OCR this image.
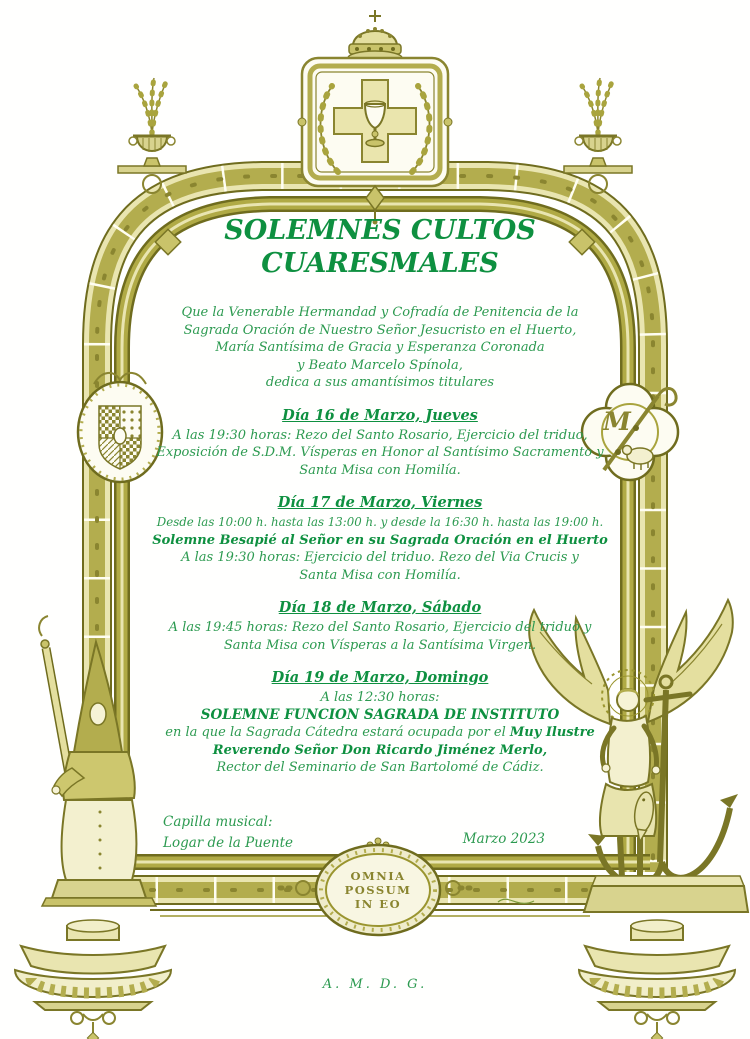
M
OMNIA
POSSUM
IN EO
SOLEMNES CULTOS
CUARESMALES
Que la Venerable Hermandad y Cofradía de Penitencia de la
Sagrada Oración de Nuestro Señor Jesucristo en el Huerto,
María Santísima de Gracia y Esperanza Coronada
y Beato Marcelo Spínola,
dedica a sus amantísimos titulares
Día 16 de Marzo, Jueves
A las 19:30 horas: Rezo del Santo Rosario, Ejercicio del triduo,
Exposición de S.D.M. Vísperas en Honor al Santísimo Sacramento y
Santa Misa con Homilía.
Día 17 de Marzo, Viernes
Desde las 10:00 h. hasta las 13:00 h. y desde la 16:30 h. hasta las 19:00 h.
Solemne Besapié al Señor en su Sagrada Oración en el Huerto
A las 19:30 horas: Ejercicio del triduo. Rezo del Via Crucis y
Santa Misa con Homilía.
Día 18 de Marzo, Sábado
A las 19:45 horas: Rezo del Santo Rosario, Ejercicio del triduo y
Santa Misa con Vísperas a la Santísima Virgen.
Día 19 de Marzo, Domingo
A las 12:30 horas:
SOLEMNE FUNCION SAGRADA DE INSTITUTO
en la que la Sagrada Cátedra estará ocupada por el Muy Ilustre
Reverendo Señor Don Ricardo Jiménez Merlo,
Rector del Seminario de San Bartolomé de Cádiz.
Capilla musical:
Logar de la Puente	Marzo 2023
A. M. D. G.
